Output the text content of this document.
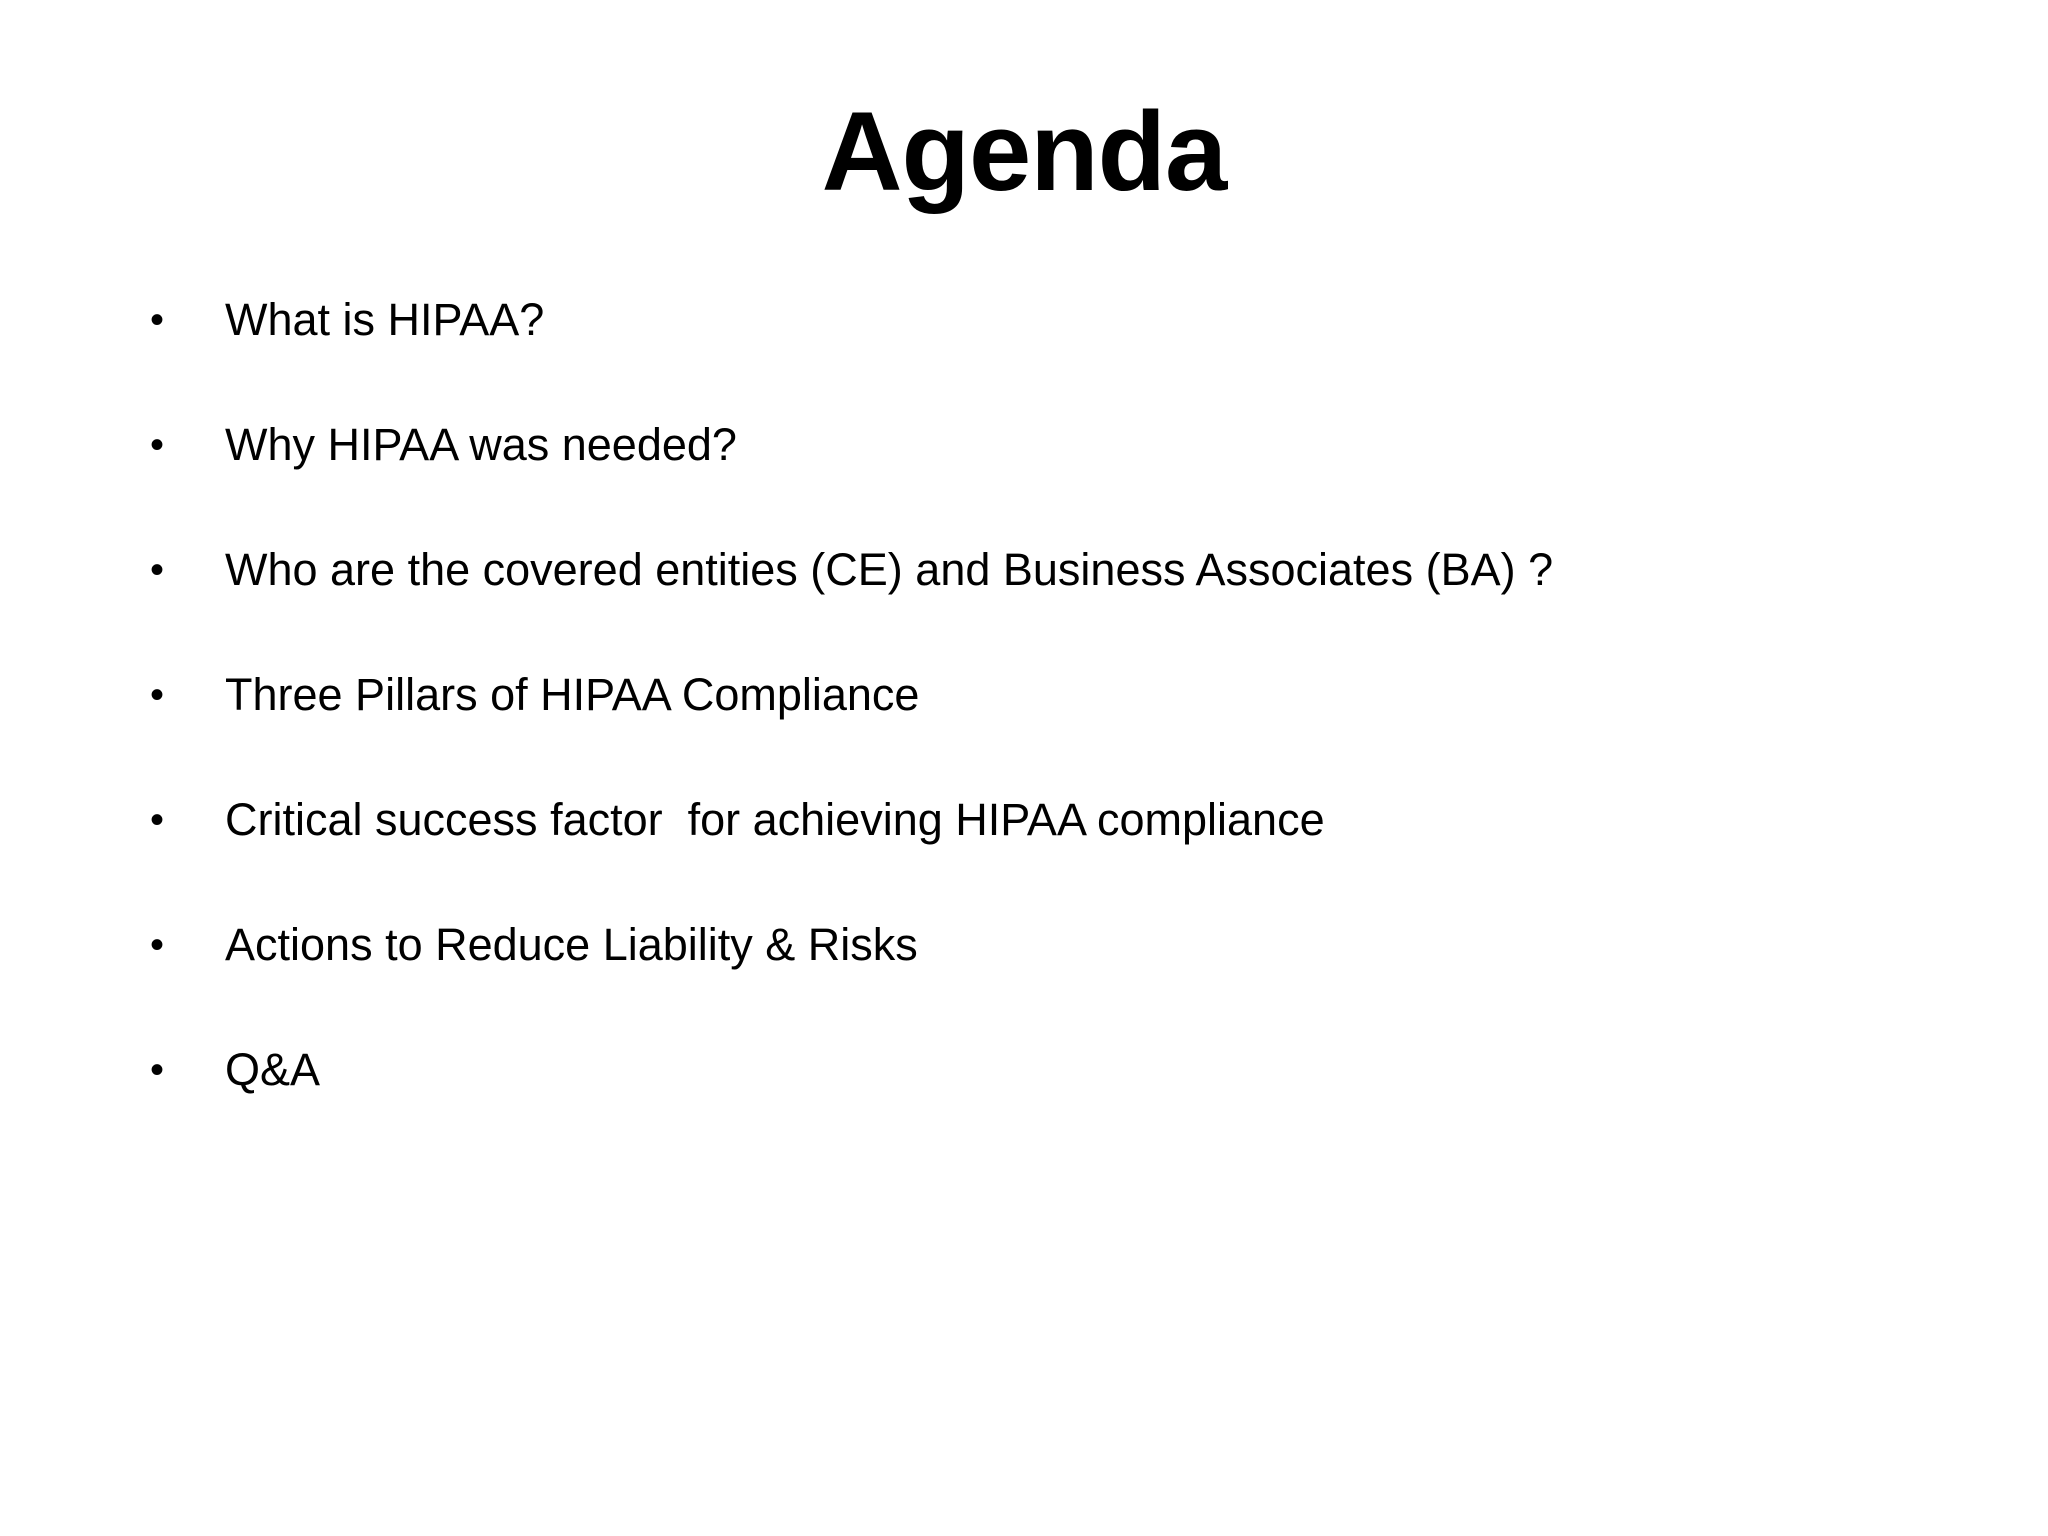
Agenda

•

	What is HIPAA?

•

	Why HIPAA was needed?

•

	Who are the covered entities (CE) and Business Associates (BA) ?

•

	Three Pillars of HIPAA Compliance

•

	Critical success factor  for achieving HIPAA compliance

•

	Actions to Reduce Liability & Risks

•

	Q&A
